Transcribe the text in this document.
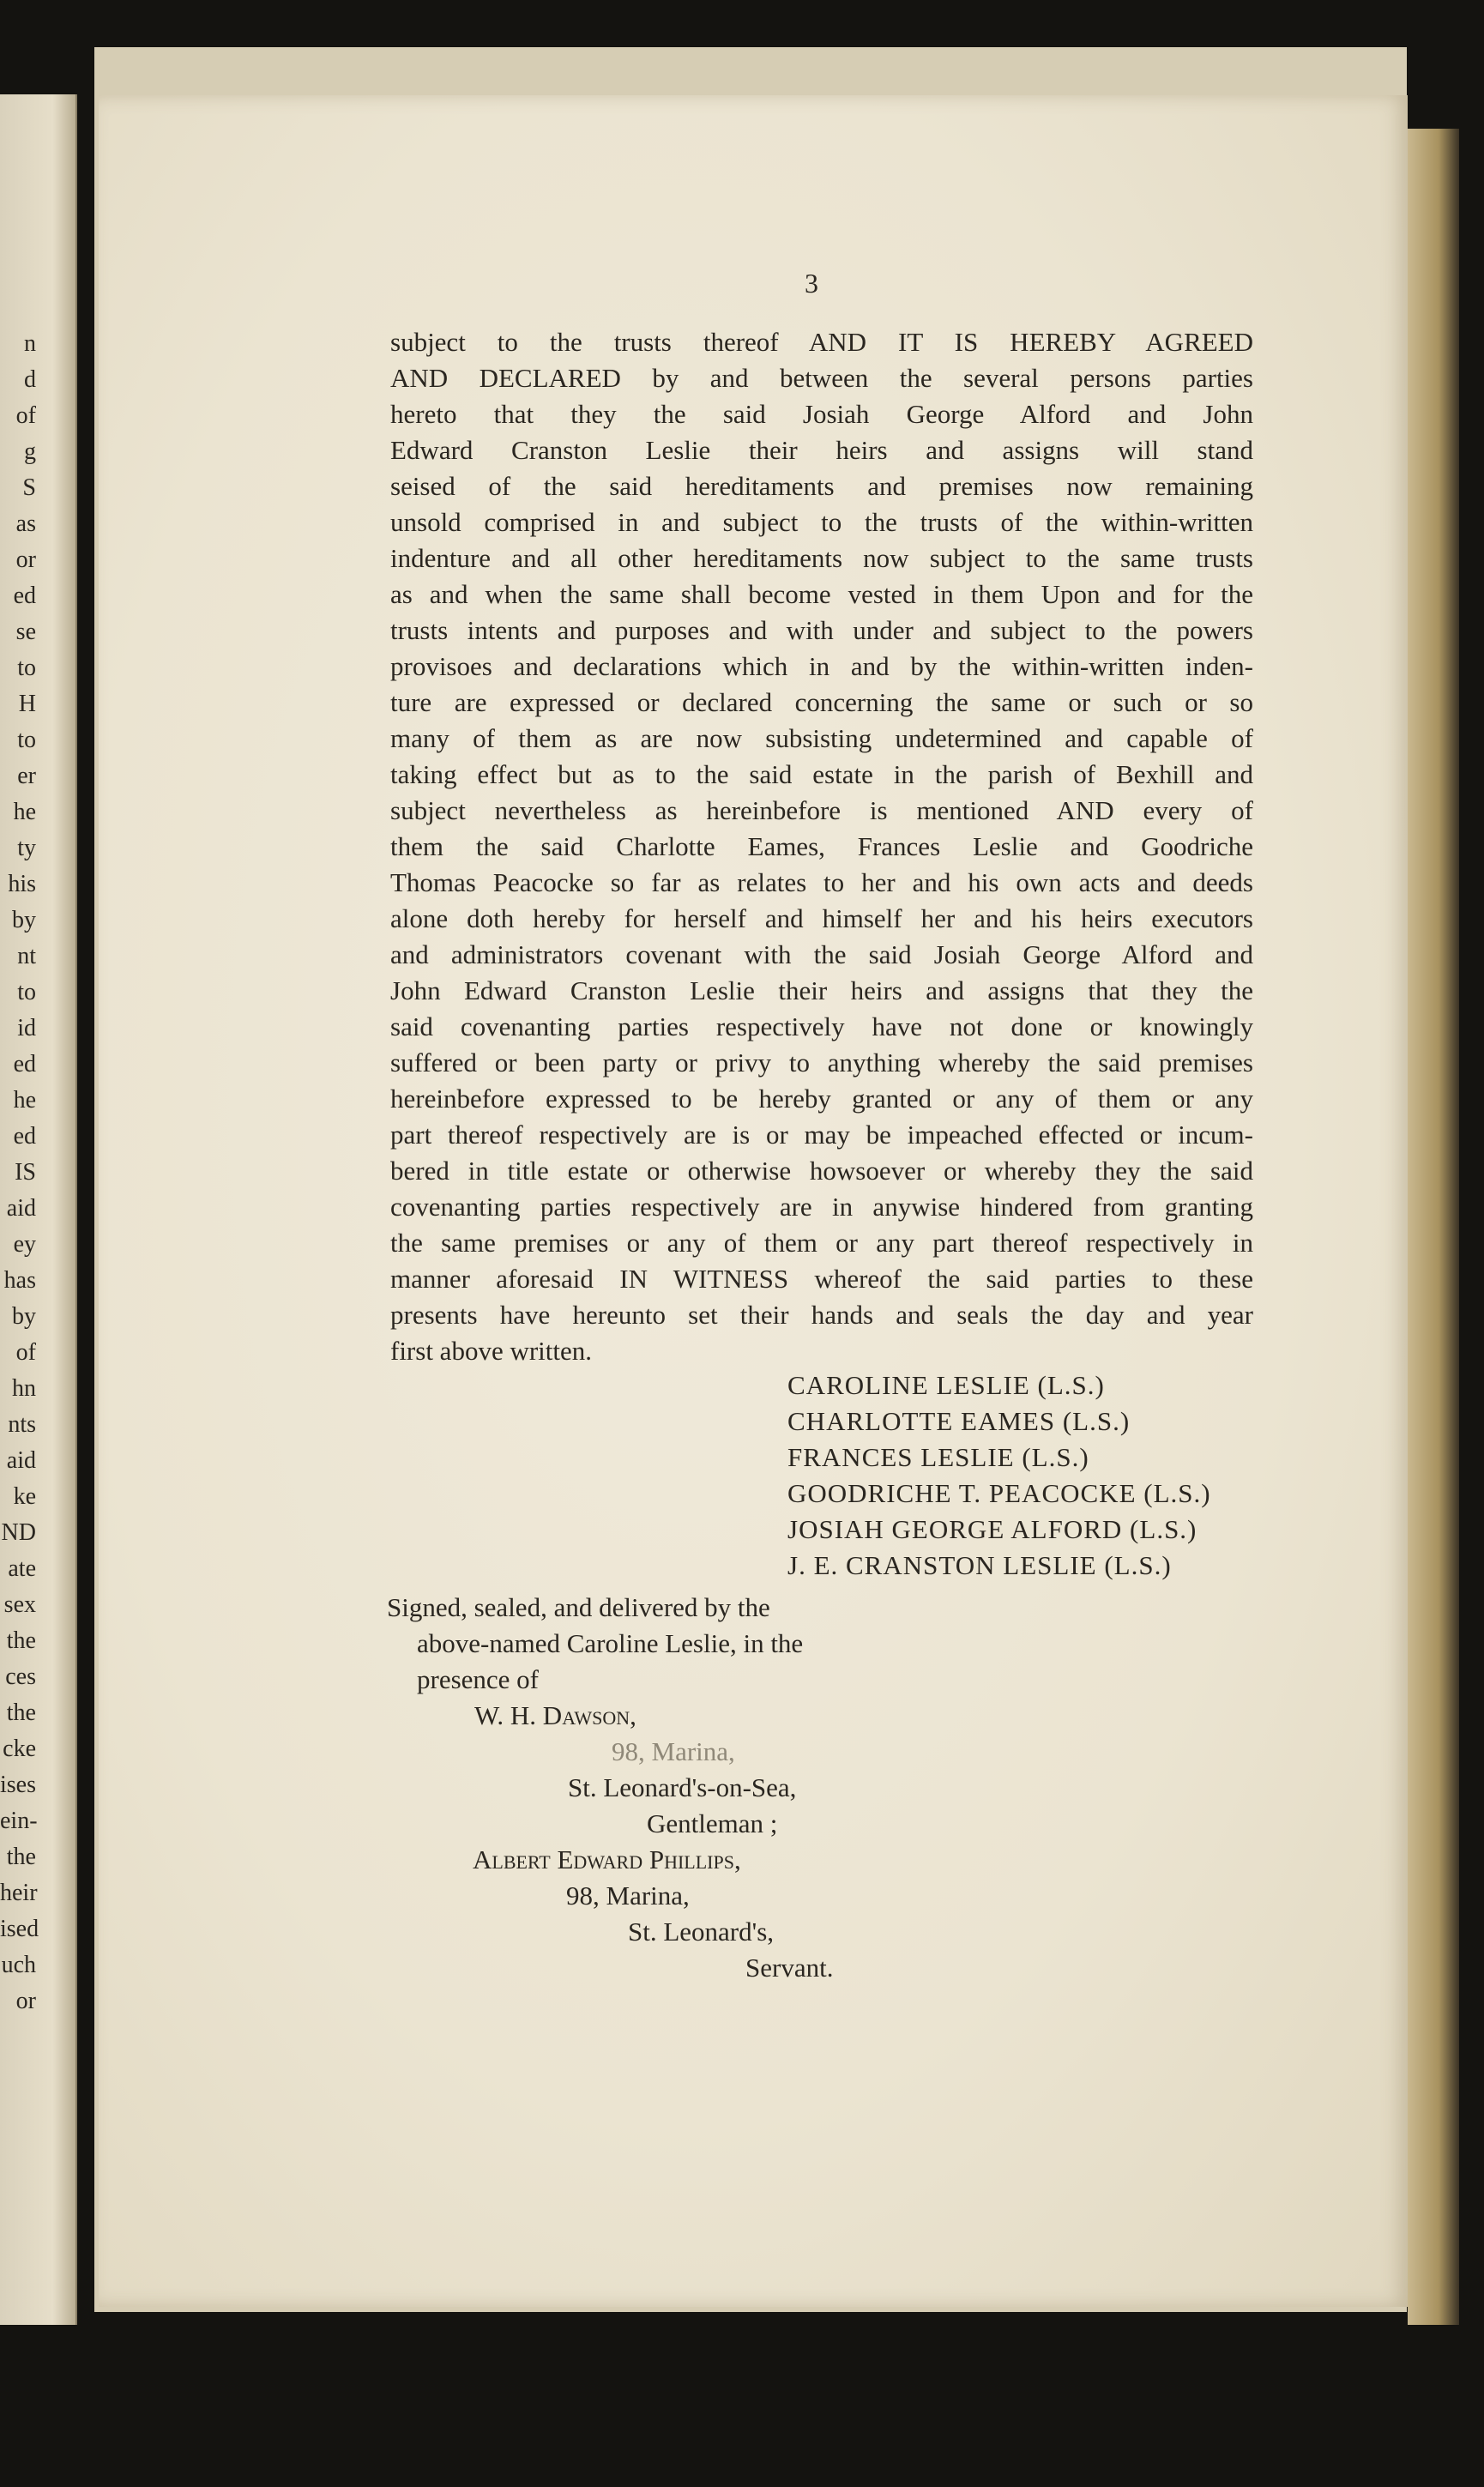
n
d
of
g
S
as
or
ed
se
to
H
to
er
he
ty
his
by
nt
to
id
ed
he
ed
IS
aid
ey
has
by
of
hn
nts
aid
ke
ND
ate
sex
the
ces
the
cke
ises
ein-
the
heir
ised
uch
or
3
subject to the trusts thereof AND IT IS HEREBY AGREED
AND DECLARED by and between the several persons parties
hereto that they the said Josiah George Alford and John
Edward Cranston Leslie their heirs and assigns will stand
seised of the said hereditaments and premises now remaining
unsold comprised in and subject to the trusts of the within-written
indenture and all other hereditaments now subject to the same trusts
as and when the same shall become vested in them Upon and for the
trusts intents and purposes and with under and subject to the powers
provisoes and declarations which in and by the within-written inden-
ture are expressed or declared concerning the same or such or so
many of them as are now subsisting undetermined and capable of
taking effect but as to the said estate in the parish of Bexhill and
subject nevertheless as hereinbefore is mentioned AND every of
them the said Charlotte Eames, Frances Leslie and Goodriche
Thomas Peacocke so far as relates to her and his own acts and deeds
alone doth hereby for herself and himself her and his heirs executors
and administrators covenant with the said Josiah George Alford and
John Edward Cranston Leslie their heirs and assigns that they the
said covenanting parties respectively have not done or knowingly
suffered or been party or privy to anything whereby the said premises
hereinbefore expressed to be hereby granted or any of them or any
part thereof respectively are is or may be impeached effected or incum-
bered in title estate or otherwise howsoever or whereby they the said
covenanting parties respectively are in anywise hindered from granting
the same premises or any of them or any part thereof respectively in
manner aforesaid IN WITNESS whereof the said parties to these
presents have hereunto set their hands and seals the day and year
first above written.
CAROLINE LESLIE (L.S.)
CHARLOTTE EAMES (L.S.)
FRANCES LESLIE (L.S.)
GOODRICHE T. PEACOCKE (L.S.)
JOSIAH GEORGE ALFORD (L.S.)
J. E. CRANSTON LESLIE (L.S.)
Signed, sealed, and delivered by the
above-named Caroline Leslie, in the
presence of
W. H. Dawson,
98, Marina,
St. Leonard's-on-Sea,
Gentleman ;
Albert Edward Phillips,
98, Marina,
St. Leonard's,
Servant.
